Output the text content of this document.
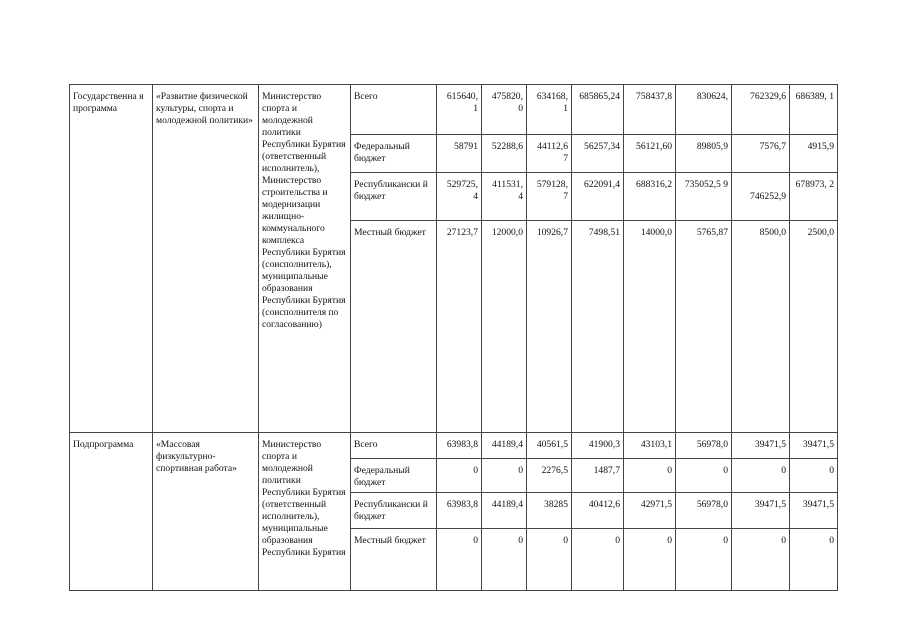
Государственна я программа	«Развитие физической культуры, спорта и молодежной политики»	Министерство спорта и молодежной политики Республики Бурятия (ответственный исполнитель), Министерство строительства и модернизации жилищно-коммунального комплекса Республики Бурятия (соисполнитель), муниципальные образования Республики Бурятия (соисполнителя по согласованию)	Всего	615640, 1	475820, 0	634168, 1	685865,24	758437,8	830624,	762329,6	686389, 1
			Федеральный бюджет	58791	52288,6	44112,6 7	56257,34	56121,60	89805,9	7576,7	4915,9
			Республикански й бюджет	529725, 4	411531, 4	579128, 7	622091,4	688316,2	735052,5 9	746252,9	678973, 2
			Местный бюджет	27123,7	12000,0	10926,7	7498,51	14000,0	5765,87	8500,0	2500,0
Подпрограмма	«Массовая физкультурно-спортивная работа»	Министерство спорта и молодежной политики Республики Бурятия (ответственный исполнитель), муниципальные образования Республики Бурятия	Всего	63983,8	44189,4	40561,5	41900,3	43103,1	56978,0	39471,5	39471,5
			Федеральный бюджет	0	0	2276,5	1487,7	0	0	0	0
			Республикански й бюджет	63983,8	44189,4	38285	40412,6	42971,5	56978,0	39471,5	39471,5
			Местный бюджет	0	0	0	0	0	0	0	0
